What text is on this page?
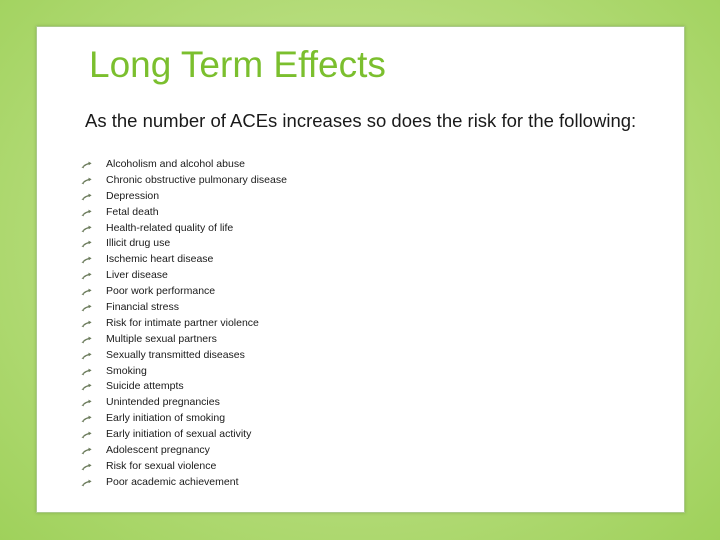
Long Term Effects

As the number of ACEs increases so does the risk for the following:

Alcoholism and alcohol abuse
Chronic obstructive pulmonary disease
Depression
Fetal death
Health-related quality of life
Illicit drug use
Ischemic heart disease
Liver disease
Poor work performance
Financial stress
Risk for intimate partner violence
Multiple sexual partners
Sexually transmitted diseases
Smoking
Suicide attempts
Unintended pregnancies
Early initiation of smoking
Early initiation of sexual activity
Adolescent pregnancy
Risk for sexual violence
Poor academic achievement
